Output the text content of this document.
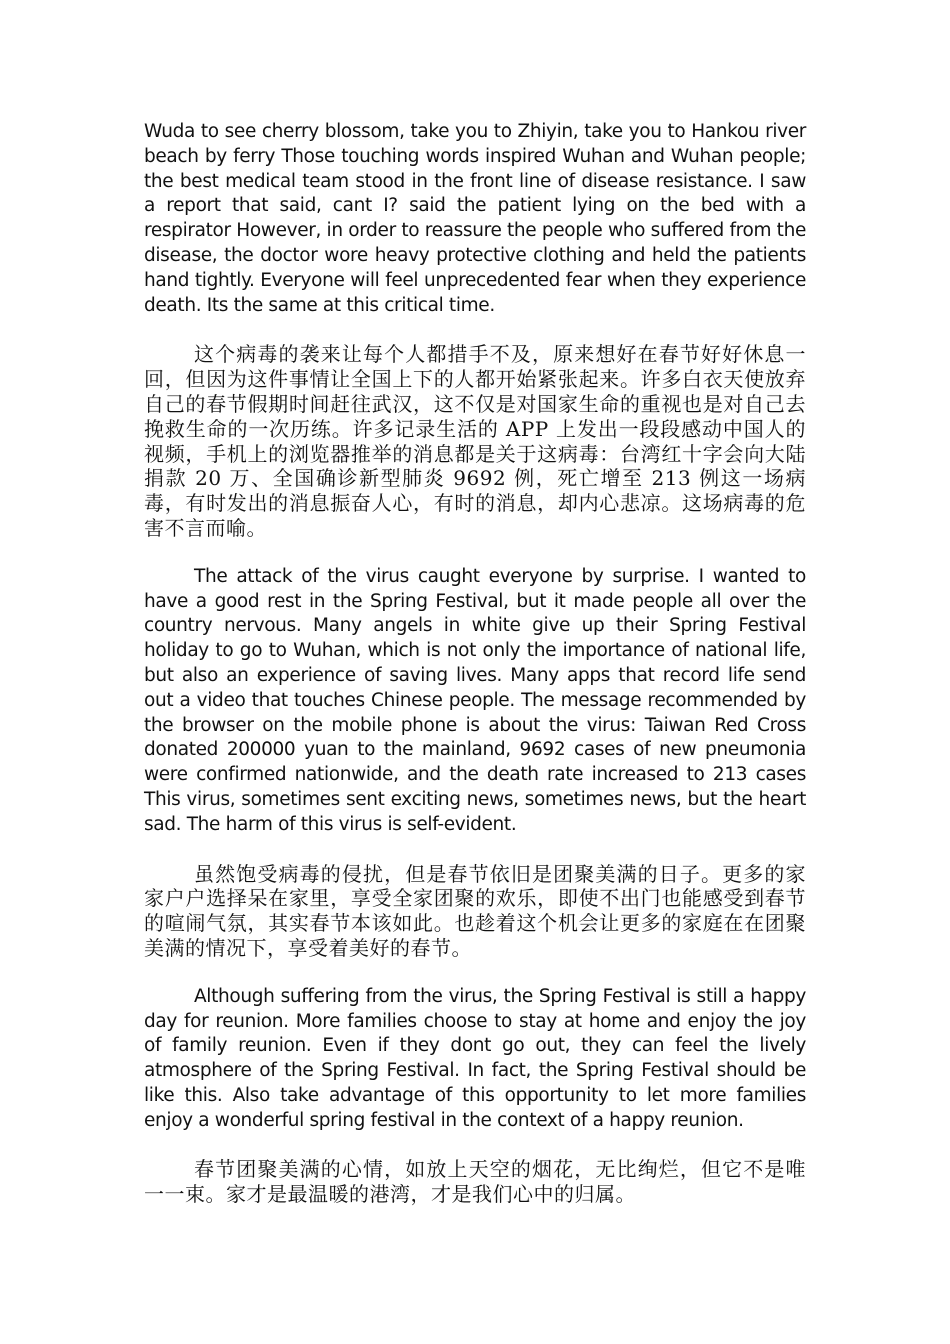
Wuda to see cherry blossom, take you to Zhiyin, take you to Hankou river beach by ferry Those touching words inspired Wuhan and Wuhan people; the best medical team stood in the front line of disease resistance. I saw a report that said, cant I? said the patient lying on the bed with a respirator However, in order to reassure the people who suffered from the disease, the doctor wore heavy protective clothing and held the patients hand tightly. Everyone will feel unprecedented fear when they experience death. Its the same at this critical time.

这个病毒的袭来让每个人都措手不及，原来想好在春节好好休息一回，但因为这件事情让全国上下的人都开始紧张起来。许多白衣天使放弃自己的春节假期时间赶往武汉，这不仅是对国家生命的重视也是对自己去挽救生命的一次历练。许多记录生活的 APP 上发出一段段感动中国人的视频，手机上的浏览器推举的消息都是关于这病毒：台湾红十字会向大陆捐款 20 万、全国确诊新型肺炎 9692 例，死亡增至 213 例这一场病毒，有时发出的消息振奋人心，有时的消息，却内心悲凉。这场病毒的危害不言而喻。

The attack of the virus caught everyone by surprise. I wanted to have a good rest in the Spring Festival, but it made people all over the country nervous. Many angels in white give up their Spring Festival holiday to go to Wuhan, which is not only the importance of national life, but also an experience of saving lives. Many apps that record life send out a video that touches Chinese people. The message recommended by the browser on the mobile phone is about the virus: Taiwan Red Cross donated 200000 yuan to the mainland, 9692 cases of new pneumonia were confirmed nationwide, and the death rate increased to 213 cases This virus, sometimes sent exciting news, sometimes news, but the heart sad. The harm of this virus is self-evident.

虽然饱受病毒的侵扰，但是春节依旧是团聚美满的日子。更多的家家户户选择呆在家里，享受全家团聚的欢乐，即使不出门也能感受到春节的喧闹气氛，其实春节本该如此。也趁着这个机会让更多的家庭在在团聚美满的情况下，享受着美好的春节。

Although suffering from the virus, the Spring Festival is still a happy day for reunion. More families choose to stay at home and enjoy the joy of family reunion. Even if they dont go out, they can feel the lively atmosphere of the Spring Festival. In fact, the Spring Festival should be like this. Also take advantage of this opportunity to let more families enjoy a wonderful spring festival in the context of a happy reunion.

春节团聚美满的心情，如放上天空的烟花，无比绚烂，但它不是唯一一束。家才是最温暖的港湾，才是我们心中的归属。
